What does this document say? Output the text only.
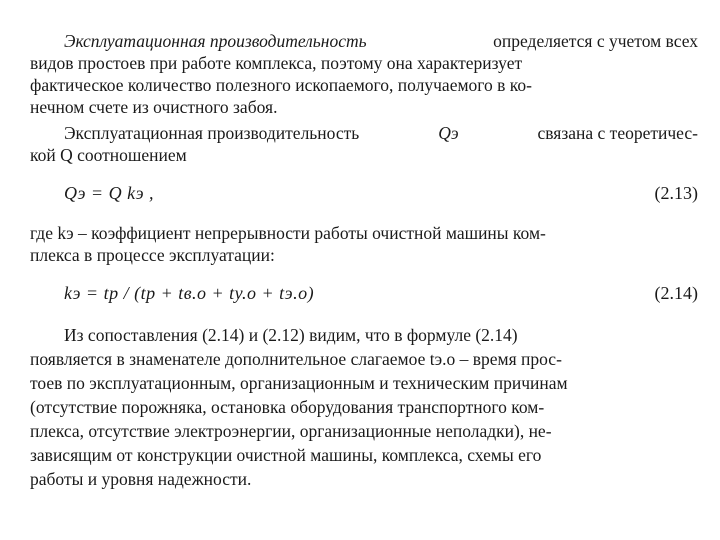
Эксплуатационная производительность	определяется с учетом всех
видов простоев при работе комплекса, поэтому она характеризует
фактическое количество полезного ископаемого, получаемого в ко-
нечном счете из очистного забоя.
Эксплуатационная производительность	Qэ	связана с теоретичес-
кой Q соотношением
Qэ = Q kэ ,	(2.13)
где kэ – коэффициент непрерывности работы очистной машины ком-
плекса в процессе эксплуатации:
kэ = tр / (tр + tв.о + tу.о + tэ.о)	(2.14)
Из сопоставления (2.14) и (2.12) видим, что в формуле (2.14)
появляется в знаменателе дополнительное слагаемое tэ.о – время прос-
тоев по эксплуатационным, организационным и техническим причинам
(отсутствие порожняка, остановка оборудования транспортного ком-
плекса, отсутствие электроэнергии, организационные неполадки), не-
зависящим от конструкции очистной машины, комплекса, схемы его
работы и уровня надежности.
